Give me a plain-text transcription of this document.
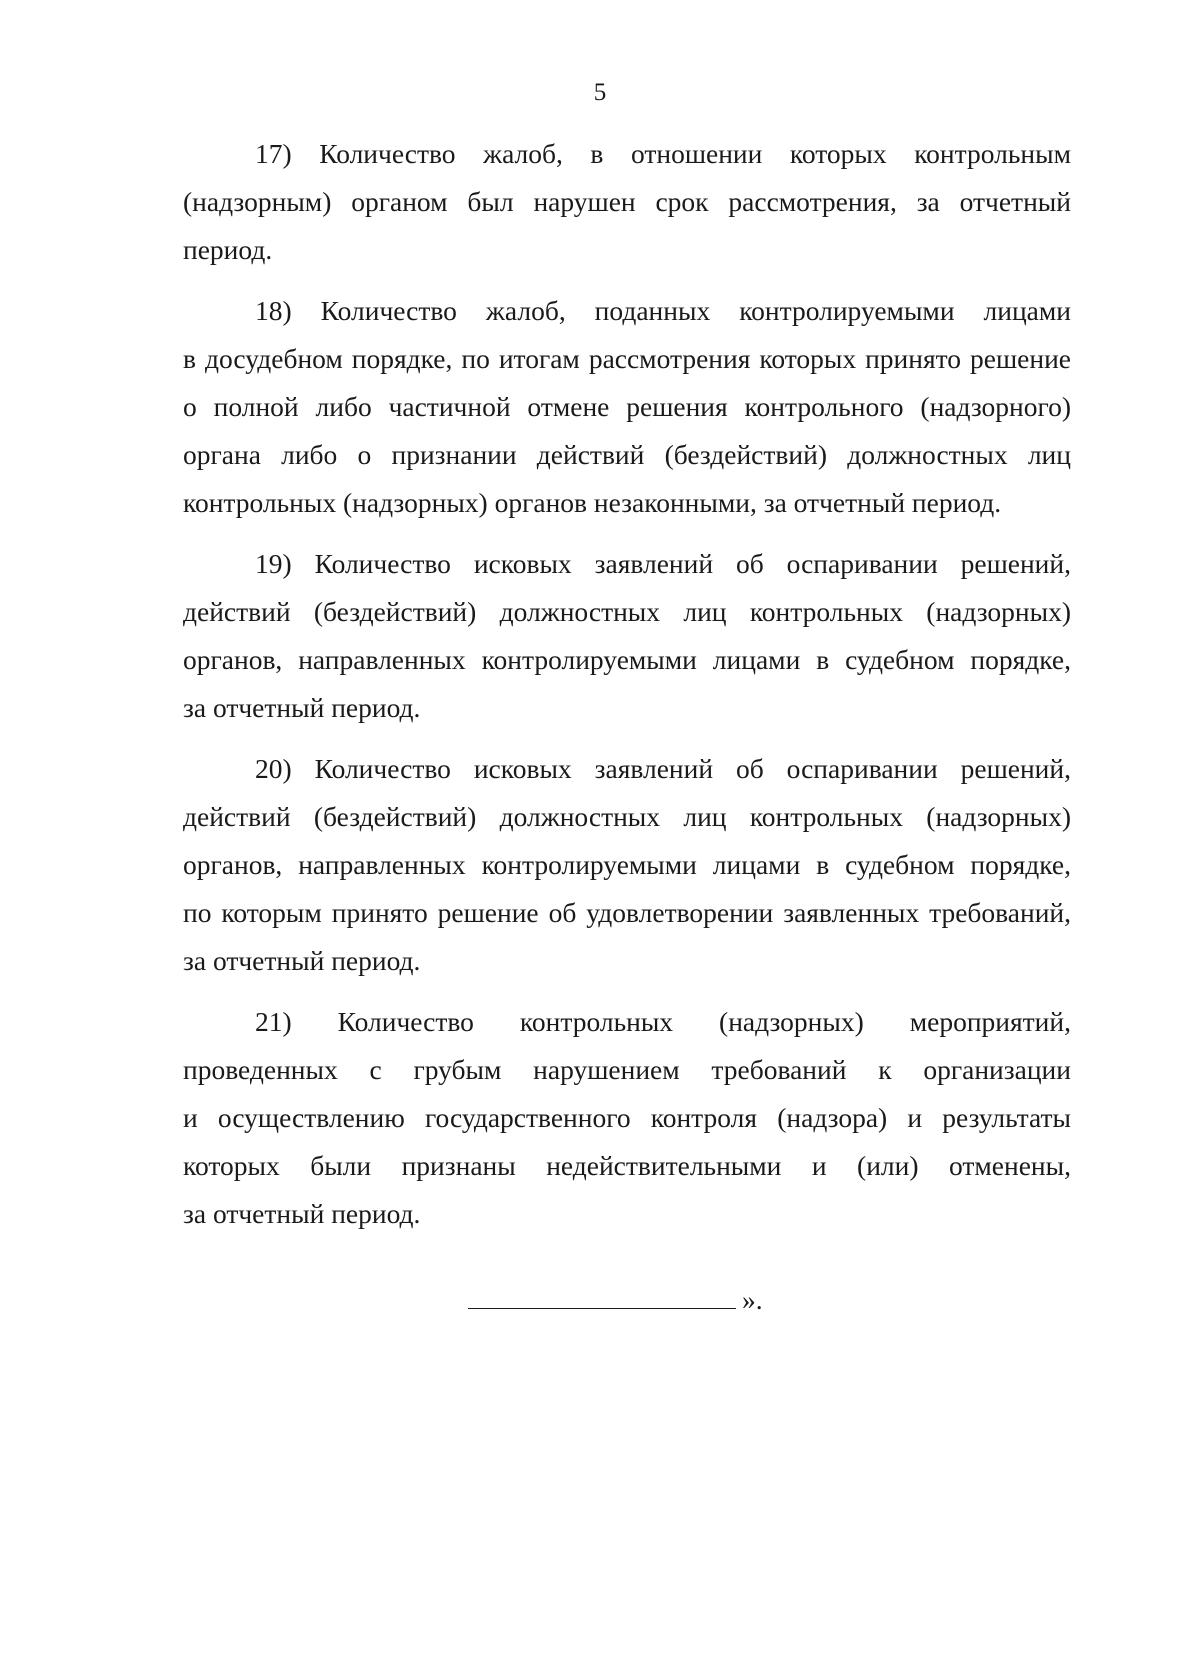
5

17) Количество жалоб, в отношении которых контрольным
(надзорным) органом был нарушен срок рассмотрения, за отчетный
период.

18) Количество жалоб, поданных контролируемыми лицами
в досудебном порядке, по итогам рассмотрения которых принято решение
о полной либо частичной отмене решения контрольного (надзорного)
органа либо о признании действий (бездействий) должностных лиц
контрольных (надзорных) органов незаконными, за отчетный период.

19) Количество исковых заявлений об оспаривании решений,
действий (бездействий) должностных лиц контрольных (надзорных)
органов, направленных контролируемыми лицами в судебном порядке,
за отчетный период.

20) Количество исковых заявлений об оспаривании решений,
действий (бездействий) должностных лиц контрольных (надзорных)
органов, направленных контролируемыми лицами в судебном порядке,
по которым принято решение об удовлетворении заявленных требований,
за отчетный период.

21) Количество контрольных (надзорных) мероприятий,
проведенных с грубым нарушением требований к организации
и осуществлению государственного контроля (надзора) и результаты
которых были признаны недействительными и (или) отменены,
за отчетный период.

».
